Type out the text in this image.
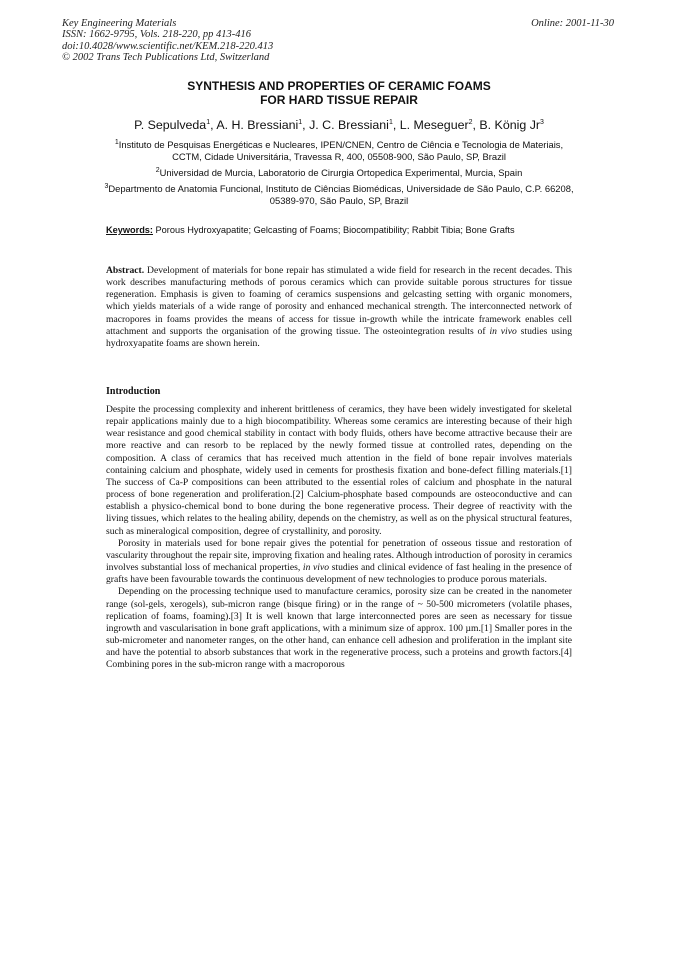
Key Engineering Materials
ISSN: 1662-9795, Vols. 218-220, pp 413-416
doi:10.4028/www.scientific.net/KEM.218-220.413
© 2002 Trans Tech Publications Ltd, Switzerland
Online: 2001-11-30
SYNTHESIS AND PROPERTIES OF CERAMIC FOAMS
FOR HARD TISSUE REPAIR
P. Sepulveda$^1$, A. H. Bressiani$^1$, J. C. Bressiani$^1$, L. Meseguer$^2$, B. König Jr$^3$
$^1$Instituto de Pesquisas Energéticas e Nucleares, IPEN/CNEN, Centro de Ciência e Tecnologia de Materiais, CCTM, Cidade Universitária, Travessa R, 400, 05508-900, São Paulo, SP, Brazil
$^2$Universidad de Murcia, Laboratorio de Cirurgia Ortopedica Experimental, Murcia, Spain
$^3$Departmento de Anatomia Funcional, Instituto de Ciências Biomédicas, Universidade de São Paulo, C.P. 66208, 05389-970, São Paulo, SP, Brazil
Keywords: Porous Hydroxyapatite; Gelcasting of Foams; Biocompatibility; Rabbit Tibia; Bone Grafts

Abstract. Development of materials for bone repair has stimulated a wide field for research in the recent decades. This work describes manufacturing methods of porous ceramics which can provide suitable porous structures for tissue regeneration. Emphasis is given to foaming of ceramics suspensions and gelcasting setting with organic monomers, which yields materials of a wide range of porosity and enhanced mechanical strength. The interconnected network of macropores in foams provides the means of access for tissue in-growth while the intricate framework enables cell attachment and supports the organisation of the growing tissue. The osteointegration results of in vivo studies using hydroxyapatite foams are shown herein.

Introduction

Despite the processing complexity and inherent brittleness of ceramics, they have been widely investigated for skeletal repair applications mainly due to a high biocompatibility. Whereas some ceramics are interesting because of their high wear resistance and good chemical stability in contact with body fluids, others have become attractive because their are more reactive and can resorb to be replaced by the newly formed tissue at controlled rates, depending on the composition. A class of ceramics that has received much attention in the field of bone repair involves materials containing calcium and phosphate, widely used in cements for prosthesis fixation and bone-defect filling materials.[1] The success of Ca-P compositions can been attributed to the essential roles of calcium and phosphate in the natural process of bone regeneration and proliferation.[2] Calcium-phosphate based compounds are osteoconductive and can establish a physico-chemical bond to bone during the bone regenerative process. Their degree of reactivity with the living tissues, which relates to the healing ability, depends on the chemistry, as well as on the physical structural features, such as mineralogical composition, degree of crystallinity, and porosity.

Porosity in materials used for bone repair gives the potential for penetration of osseous tissue and restoration of vascularity throughout the repair site, improving fixation and healing rates. Although introduction of porosity in ceramics involves substantial loss of mechanical properties, in vivo studies and clinical evidence of fast healing in the presence of grafts have been favourable towards the continuous development of new technologies to produce porous materials.

Depending on the processing technique used to manufacture ceramics, porosity size can be created in the nanometer range (sol-gels, xerogels), sub-micron range (bisque firing) or in the range of ~ 50-500 micrometers (volatile phases, replication of foams, foaming).[3] It is well known that large interconnected pores are seen as necessary for tissue ingrowth and vascularisation in bone graft applications, with a minimum size of approx. 100 µm.[1] Smaller pores in the sub-micrometer and nanometer ranges, on the other hand, can enhance cell adhesion and proliferation in the implant site and have the potential to absorb substances that work in the regenerative process, such a proteins and growth factors.[4] Combining pores in the sub-micron range with a macroporous
